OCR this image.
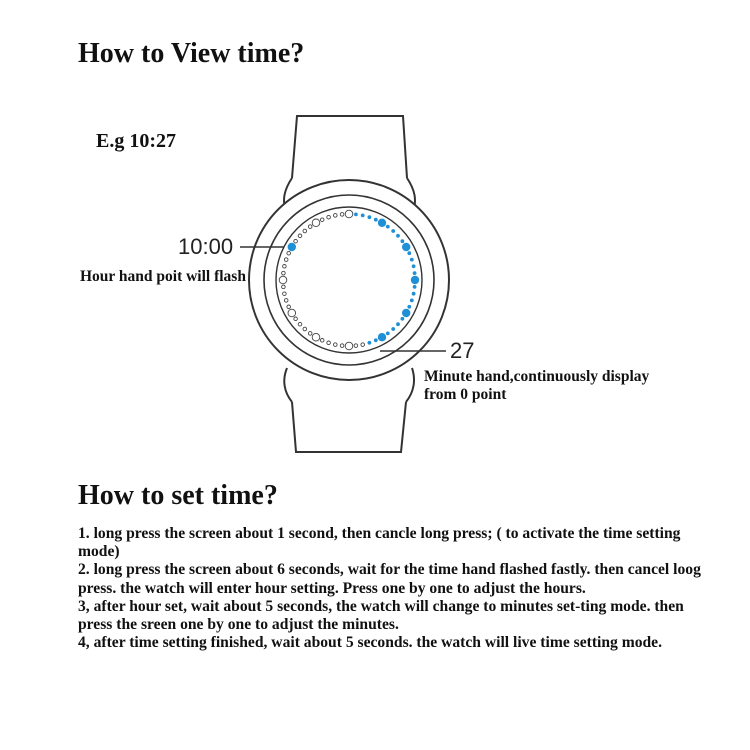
How to View time?
E.g 10:27
10:00
27
Hour hand poit will flash
Minute hand,continuously display from 0 point
How to set time?

1. long press the screen about 1 second, then cancle long press; ( to activate the time setting mode)

2. long press the screen about 6 seconds, wait for the time hand flashed fastly. then cancel loog press. the watch will enter hour setting. Press one by one to adjust the hours.

3, after hour set, wait about 5 seconds, the watch will change to minutes set-ting mode. then press the sreen one by one to adjust the minutes.

4, after time setting finished, wait about 5 seconds. the watch will live time setting mode.
